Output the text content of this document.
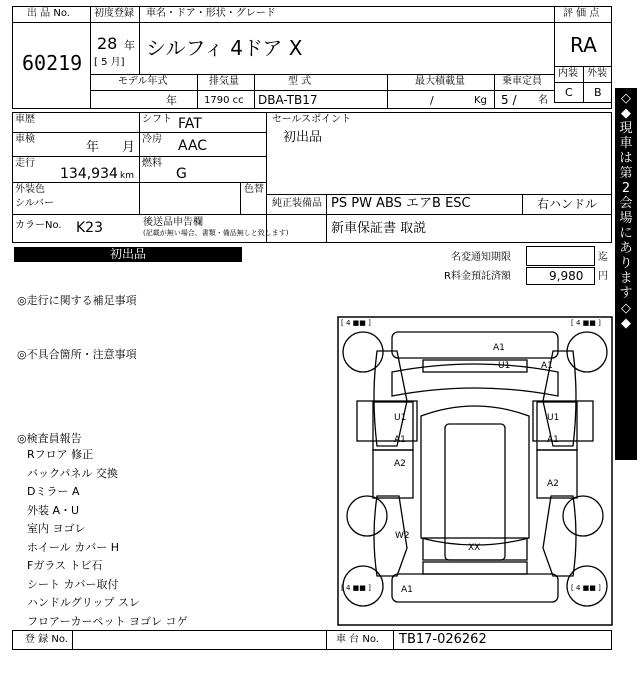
出 品 No.
60219
初度登録
28 年
[ 5 月]
車名・ドア・形状・グレード
シルフィ 4ドア X
モデル年式
年
排気量
1790 cc
型 式
DBA-TB17
最大積載量
/	Kg
乗車定員
5 / 名
評 価 点
RA
内装 外装
C B
車歴
車検
年 月
走行
134,934 km
シフト FAT
冷房 AAC
燃料
G
セールスポイント
初出品
外装色
シルバー
色替
純正装備品 PS PW ABS エアB ESC	右ハンドル
カラーNo. K23	後送品申告欄
(記載が無い場合、書類・備品無しと致します)	新車保証書 取説
◇
◆
現
車
は
第
2
会
場
に
あ
り
ま
す
◇
◆
初出品	名変通知期限	迄
R料金預託済額	9,980 円
◎走行に関する補足事項
◎不具合箇所・注意事項
◎検査員報告
Rフロア 修正
バックパネル 交換
Dミラー A
外装 A・U
室内 ヨゴレ
ホイール カバー H
Fガラス トビ石
シート カバー取付
ハンドルグリップ スレ
フロアーカーペット ヨゴレ コゲ
[ 4 ■■ ]	[ 4 ■■ ]
[ 4 ■■ ]	[ 4 ■■ ]
A1
U1	A1
U1
A1
U1
A1
A2
A2
W2
XX
A1
登 録 No.	車 台 No. TB17-026262
